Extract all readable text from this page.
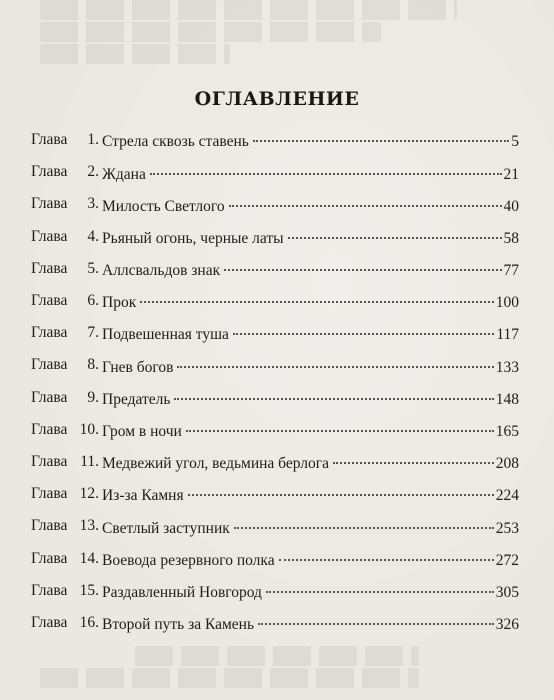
ОГЛАВЛЕНИЕ
Глава	1. Стрела сквозь ставень	5
Глава	2. Ждана	21
Глава	3. Милость Светлого	40
Глава	4. Рьяный огонь, черные латы	58
Глава	5. Аллсвальдов знак	77
Глава	6. Прок	100
Глава	7. Подвешенная туша	117
Глава	8. Гнев богов	133
Глава	9. Предатель	148
Глава 10. Гром в ночи	165
Глава 11. Медвежий угол, ведьмина берлога	208
Глава 12. Из-за Камня	224
Глава 13. Светлый заступник	253
Глава 14. Воевода резервного полка	272
Глава 15. Раздавленный Новгород	305
Глава 16. Второй путь за Камень	326
